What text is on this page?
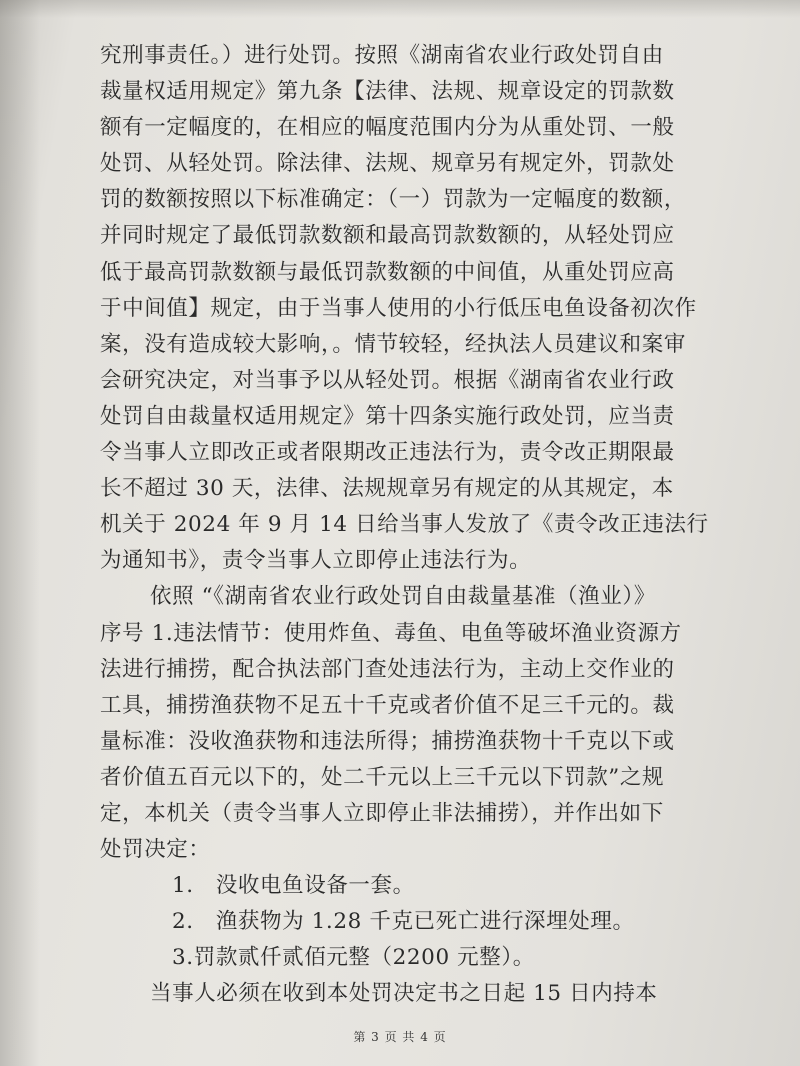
究刑事责任。）进行处罚。按照《湖南省农业行政处罚自由
裁量权适用规定》第九条【法律、法规、规章设定的罚款数
额有一定幅度的，在相应的幅度范围内分为从重处罚、一般
处罚、从轻处罚。除法律、法规、规章另有规定外，罚款处
罚的数额按照以下标准确定：（一）罚款为一定幅度的数额，
并同时规定了最低罚款数额和最高罚款数额的，从轻处罚应
低于最高罚款数额与最低罚款数额的中间值，从重处罚应高
于中间值】规定，由于当事人使用的小行低压电鱼设备初次作
案，没有造成较大影响，。情节较轻，经执法人员建议和案审
会研究决定，对当事予以从轻处罚。根据《湖南省农业行政
处罚自由裁量权适用规定》第十四条实施行政处罚，应当责
令当事人立即改正或者限期改正违法行为，责令改正期限最
长不超过 30 天，法律、法规规章另有规定的从其规定，本
机关于 2024 年 9 月 14 日给当事人发放了《责令改正违法行
为通知书》，责令当事人立即停止违法行为。
依照 “《湖南省农业行政处罚自由裁量基准（渔业）》
序号 1.违法情节：使用炸鱼、毒鱼、电鱼等破坏渔业资源方
法进行捕捞，配合执法部门查处违法行为，主动上交作业的
工具，捕捞渔获物不足五十千克或者价值不足三千元的。裁
量标准：没收渔获物和违法所得；捕捞渔获物十千克以下或
者价值五百元以下的，处二千元以上三千元以下罚款”之规
定，本机关（责令当事人立即停止非法捕捞），并作出如下
处罚决定：
1.　没收电鱼设备一套。
2.　渔获物为 1.28 千克已死亡进行深埋处理。
3.罚款贰仟贰佰元整（2200 元整）。
当事人必须在收到本处罚决定书之日起 15 日内持本
第 3 页 共 4 页
